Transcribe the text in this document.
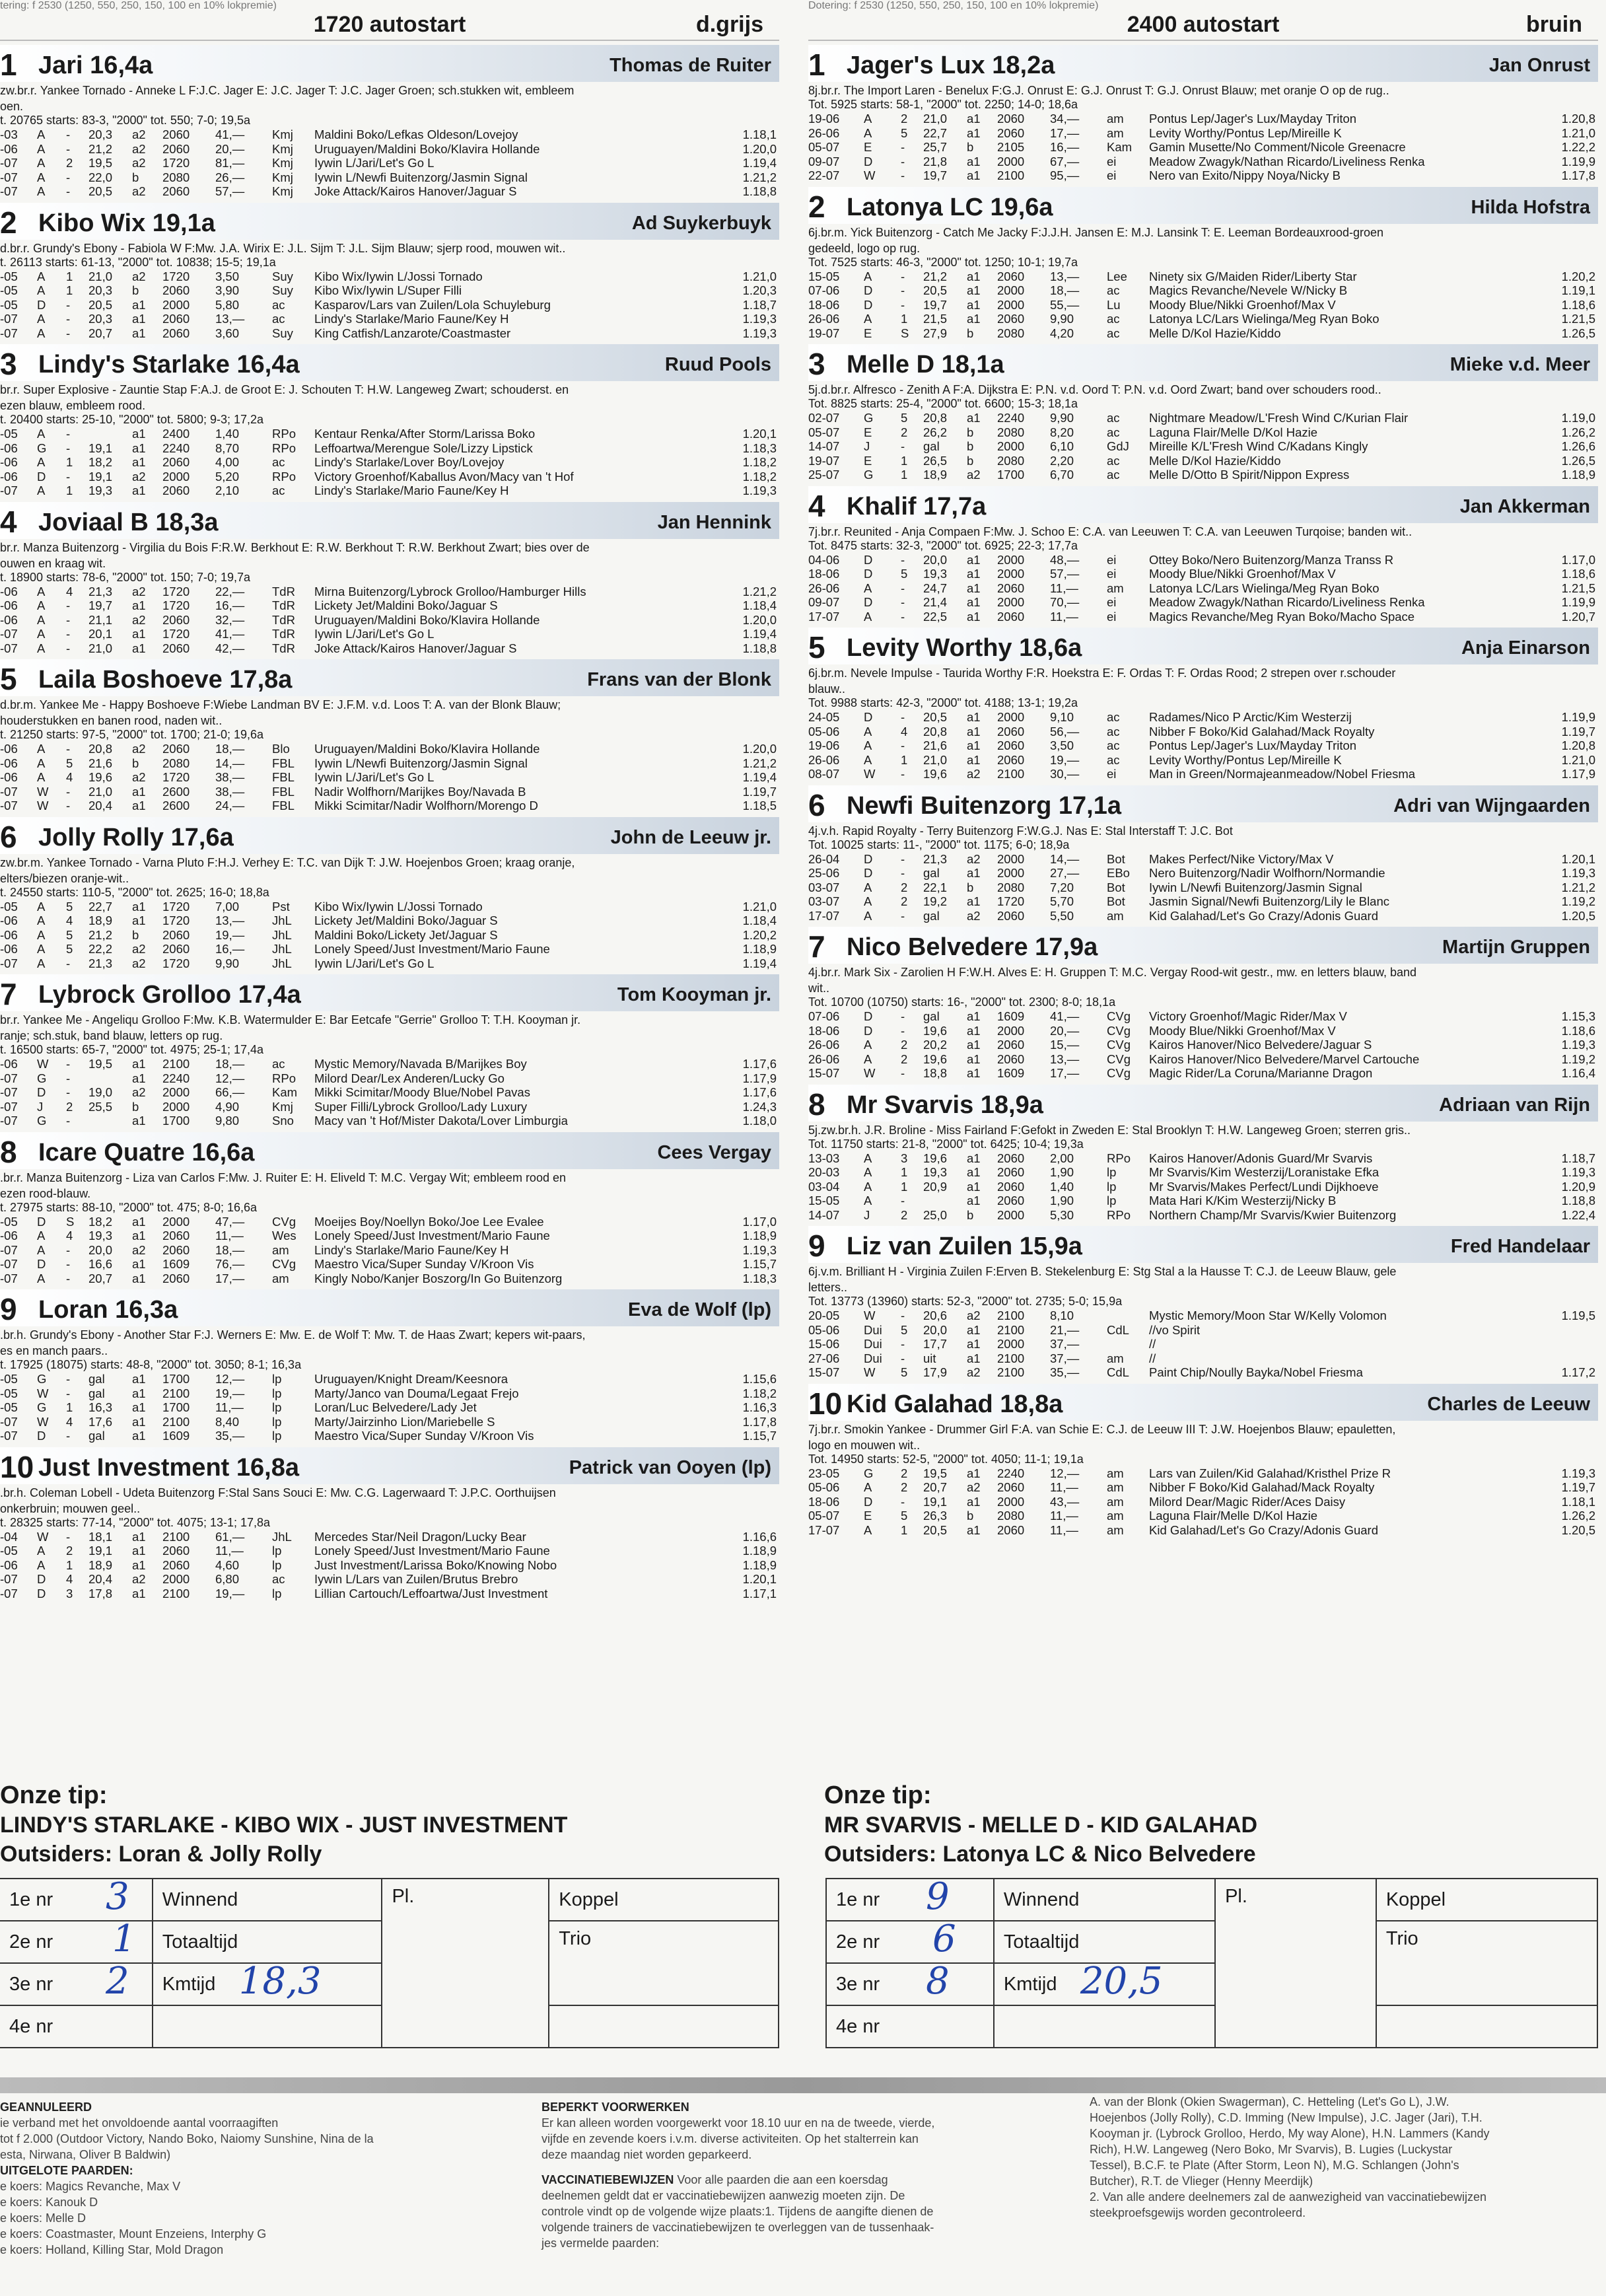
tering: f 2530 (1250, 550, 250, 150, 100 en 10% lokpremie)
1720 autostart	d.grijs
1 Jari 16,4a	Thomas de Ruiter
zw.br.r. Yankee Tornado - Anneke L F:J.C. Jager E: J.C. Jager T: J.C. Jager Groen; sch.stukken wit, embleem
oen.
t. 20765 starts: 83-3, "2000" tot. 550; 7-0; 19,5a
-03	A	-	20,3	a2	2060	41,—	Kmj	Maldini Boko/Lefkas Oldeson/Lovejoy	1.18,1
-06	A	-	21,2	a2	2060	20,—	Kmj	Uruguayen/Maldini Boko/Klavira Hollande	1.20,0
-07	A	2	19,5	a2	1720	81,—	Kmj	Iywin L/Jari/Let's Go L	1.19,4
-07	A	-	22,0	b	2080	26,—	Kmj	Iywin L/Newfi Buitenzorg/Jasmin Signal	1.21,2
-07	A	-	20,5	a2	2060	57,—	Kmj	Joke Attack/Kairos Hanover/Jaguar S	1.18,8
2 Kibo Wix 19,1a	Ad Suykerbuyk
d.br.r. Grundy's Ebony - Fabiola W F:Mw. J.A. Wirix E: J.L. Sijm T: J.L. Sijm Blauw; sjerp rood, mouwen wit..
t. 26113 starts: 61-13, "2000" tot. 10838; 15-5; 19,1a
-05	A	1	21,0	a2	1720	3,50	Suy	Kibo Wix/Iywin L/Jossi Tornado	1.21,0
-05	A	1	20,3	b	2060	3,90	Suy	Kibo Wix/Iywin L/Super Filli	1.20,3
-05	D	-	20,5	a1	2000	5,80	ac	Kasparov/Lars van Zuilen/Lola Schuyleburg	1.18,7
-07	A	-	20,3	a1	2060	13,—	ac	Lindy's Starlake/Mario Faune/Key H	1.19,3
-07	A	-	20,7	a1	2060	3,60	Suy	King Catfish/Lanzarote/Coastmaster	1.19,3
3 Lindy's Starlake 16,4a	Ruud Pools
br.r. Super Explosive - Zauntie Stap F:A.J. de Groot E: J. Schouten T: H.W. Langeweg Zwart; schouderst. en
ezen blauw, embleem rood.
t. 20400 starts: 25-10, "2000" tot. 5800; 9-3; 17,2a
-05	A	-		a1	2400	1,40	RPo	Kentaur Renka/After Storm/Larissa Boko	1.20,1
-06	G	-	19,1	a1	2240	8,70	RPo	Leffoartwa/Merengue Sole/Lizzy Lipstick	1.18,3
-06	A	1	18,2	a1	2060	4,00	ac	Lindy's Starlake/Lover Boy/Lovejoy	1.18,2
-06	D	-	19,1	a2	2000	5,20	RPo	Victory Groenhof/Kaballus Avon/Macy van 't Hof	1.18,2
-07	A	1	19,3	a1	2060	2,10	ac	Lindy's Starlake/Mario Faune/Key H	1.19,3
4 Joviaal B 18,3a	Jan Hennink
br.r. Manza Buitenzorg - Virgilia du Bois F:R.W. Berkhout E: R.W. Berkhout T: R.W. Berkhout Zwart; bies over de
ouwen en kraag wit.
t. 18900 starts: 78-6, "2000" tot. 150; 7-0; 19,7a
-06	A	4	21,3	a2	1720	22,—	TdR	Mirna Buitenzorg/Lybrock Grolloo/Hamburger Hills	1.21,2
-06	A	-	19,7	a1	1720	16,—	TdR	Lickety Jet/Maldini Boko/Jaguar S	1.18,4
-06	A	-	21,1	a2	2060	32,—	TdR	Uruguayen/Maldini Boko/Klavira Hollande	1.20,0
-07	A	-	20,1	a1	1720	41,—	TdR	Iywin L/Jari/Let's Go L	1.19,4
-07	A	-	21,0	a1	2060	42,—	TdR	Joke Attack/Kairos Hanover/Jaguar S	1.18,8
5 Laila Boshoeve 17,8a	Frans van der Blonk
d.br.m. Yankee Me - Happy Boshoeve F:Wiebe Landman BV E: J.F.M. v.d. Loos T: A. van der Blonk Blauw;
houderstukken en banen rood, naden wit..
t. 21250 starts: 97-5, "2000" tot. 1700; 21-0; 19,6a
-06	A	-	20,8	a2	2060	18,—	Blo	Uruguayen/Maldini Boko/Klavira Hollande	1.20,0
-06	A	5	21,6	b	2080	14,—	FBL	Iywin L/Newfi Buitenzorg/Jasmin Signal	1.21,2
-06	A	4	19,6	a2	1720	38,—	FBL	Iywin L/Jari/Let's Go L	1.19,4
-07	W	-	21,0	a1	2600	38,—	FBL	Nadir Wolfhorn/Marijkes Boy/Navada B	1.19,7
-07	W	-	20,4	a1	2600	24,—	FBL	Mikki Scimitar/Nadir Wolfhorn/Morengo D	1.18,5
6 Jolly Rolly 17,6a	John de Leeuw jr.
zw.br.m. Yankee Tornado - Varna Pluto F:H.J. Verhey E: T.C. van Dijk T: J.W. Hoejenbos Groen; kraag oranje,
elters/biezen oranje-wit..
t. 24550 starts: 110-5, "2000" tot. 2625; 16-0; 18,8a
-05	A	5	22,7	a1	1720	7,00	Pst	Kibo Wix/Iywin L/Jossi Tornado	1.21,0
-06	A	4	18,9	a1	1720	13,—	JhL	Lickety Jet/Maldini Boko/Jaguar S	1.18,4
-06	A	5	21,2	b	2060	19,—	JhL	Maldini Boko/Lickety Jet/Jaguar S	1.20,2
-06	A	5	22,2	a2	2060	16,—	JhL	Lonely Speed/Just Investment/Mario Faune	1.18,9
-07	A	-	21,3	a2	1720	9,90	JhL	Iywin L/Jari/Let's Go L	1.19,4
7 Lybrock Grolloo 17,4a	Tom Kooyman jr.
br.r. Yankee Me - Angeliqu Grolloo F:Mw. K.B. Watermulder E: Bar Eetcafe "Gerrie" Grolloo T: T.H. Kooyman jr.
ranje; sch.stuk, band blauw, letters op rug.
t. 16500 starts: 65-7, "2000" tot. 4975; 25-1; 17,4a
-06	W	-	19,5	a1	2100	18,—	ac	Mystic Memory/Navada B/Marijkes Boy	1.17,6
-07	G	-		a1	2240	12,—	RPo	Milord Dear/Lex Anderen/Lucky Go	1.17,9
-07	D	-	19,0	a2	2000	66,—	Kam	Mikki Scimitar/Moody Blue/Nobel Pavas	1.17,6
-07	J	2	25,5	b	2000	4,90	Kmj	Super Filli/Lybrock Grolloo/Lady Luxury	1.24,3
-07	G	-		a1	1700	9,80	Sno	Macy van 't Hof/Mister Dakota/Lover Limburgia	1.18,0
8 Icare Quatre 16,6a	Cees Vergay
.br.r. Manza Buitenzorg - Liza van Carlos F:Mw. J. Ruiter E: H. Eliveld T: M.C. Vergay Wit; embleem rood en
ezen rood-blauw.
t. 27975 starts: 88-10, "2000" tot. 475; 8-0; 16,6a
-05	D	S	18,2	a1	2000	47,—	CVg	Moeijes Boy/Noellyn Boko/Joe Lee Evalee	1.17,0
-06	A	4	19,3	a1	2060	11,—	Wes	Lonely Speed/Just Investment/Mario Faune	1.18,9
-07	A	-	20,0	a2	2060	18,—	am	Lindy's Starlake/Mario Faune/Key H	1.19,3
-07	D	-	16,6	a1	1609	76,—	CVg	Maestro Vica/Super Sunday V/Kroon Vis	1.15,7
-07	A	-	20,7	a1	2060	17,—	am	Kingly Nobo/Kanjer Boszorg/In Go Buitenzorg	1.18,3
9 Loran 16,3a	Eva de Wolf (lp)
.br.h. Grundy's Ebony - Another Star F:J. Werners E: Mw. E. de Wolf T: Mw. T. de Haas Zwart; kepers wit-paars,
es en manch paars..
t. 17925 (18075) starts: 48-8, "2000" tot. 3050; 8-1; 16,3a
-05	G	-	gal	a1	1700	12,—	lp	Uruguayen/Knight Dream/Keesnora	1.15,6
-05	W	-	gal	a1	2100	19,—	lp	Marty/Janco van Douma/Legaat Frejo	1.18,2
-05	G	1	16,3	a1	1700	11,—	lp	Loran/Luc Belvedere/Lady Jet	1.16,3
-07	W	4	17,6	a1	2100	8,40	lp	Marty/Jairzinho Lion/Mariebelle S	1.17,8
-07	D	-	gal	a1	1609	35,—	lp	Maestro Vica/Super Sunday V/Kroon Vis	1.15,7
10 Just Investment 16,8a	Patrick van Ooyen (lp)
.br.h. Coleman Lobell - Udeta Buitenzorg F:Stal Sans Souci E: Mw. C.G. Lagerwaard T: J.P.C. Oorthuijsen
onkerbruin; mouwen geel..
t. 28325 starts: 77-14, "2000" tot. 4075; 13-1; 17,8a
-04	W	-	18,1	a1	2100	61,—	JhL	Mercedes Star/Neil Dragon/Lucky Bear	1.16,6
-05	A	2	19,1	a1	2060	11,—	lp	Lonely Speed/Just Investment/Mario Faune	1.18,9
-06	A	1	18,9	a1	2060	4,60	lp	Just Investment/Larissa Boko/Knowing Nobo	1.18,9
-07	D	4	20,4	a2	2000	6,80	ac	Iywin L/Lars van Zuilen/Brutus Brebro	1.20,1
-07	D	3	17,8	a1	2100	19,—	lp	Lillian Cartouch/Leffoartwa/Just Investment	1.17,1
Dotering: f 2530 (1250, 550, 250, 150, 100 en 10% lokpremie)
2400 autostart	bruin
1 Jager's Lux 18,2a	Jan Onrust
8j.br.r. The Import Laren - Benelux F:G.J. Onrust E: G.J. Onrust T: G.J. Onrust Blauw; met oranje O op de rug..
Tot. 5925 starts: 58-1, "2000" tot. 2250; 14-0; 18,6a
19-06	A	2	21,0	a1	2060	34,—	am	Pontus Lep/Jager's Lux/Mayday Triton	1.20,8
26-06	A	5	22,7	a1	2060	17,—	am	Levity Worthy/Pontus Lep/Mireille K	1.21,0
05-07	E	-	25,7	b	2105	16,—	Kam	Gamin Musette/No Comment/Nicole Greenacre	1.22,2
09-07	D	-	21,8	a1	2000	67,—	ei	Meadow Zwagyk/Nathan Ricardo/Liveliness Renka	1.19,9
22-07	W	-	19,7	a1	2100	95,—	ei	Nero van Exito/Nippy Noya/Nicky B	1.17,8
2 Latonya LC 19,6a	Hilda Hofstra
6j.br.m. Yick Buitenzorg - Catch Me Jacky F:J.J.H. Jansen E: M.J. Lansink T: E. Leeman Bordeauxrood-groen
gedeeld, logo op rug.
Tot. 7525 starts: 46-3, "2000" tot. 1250; 10-1; 19,7a
15-05	A	-	21,2	a1	2060	13,—	Lee	Ninety six G/Maiden Rider/Liberty Star	1.20,2
07-06	D	-	20,5	a1	2000	18,—	ac	Magics Revanche/Nevele W/Nicky B	1.19,1
18-06	D	-	19,7	a1	2000	55,—	Lu	Moody Blue/Nikki Groenhof/Max V	1.18,6
26-06	A	1	21,5	a1	2060	9,90	ac	Latonya LC/Lars Wielinga/Meg Ryan Boko	1.21,5
19-07	E	S	27,9	b	2080	4,20	ac	Melle D/Kol Hazie/Kiddo	1.26,5
3 Melle D 18,1a	Mieke v.d. Meer
5j.d.br.r. Alfresco - Zenith A F:A. Dijkstra E: P.N. v.d. Oord T: P.N. v.d. Oord Zwart; band over schouders rood..
Tot. 8825 starts: 25-4, "2000" tot. 6600; 15-3; 18,1a
02-07	G	5	20,8	a1	2240	9,90	ac	Nightmare Meadow/L'Fresh Wind C/Kurian Flair	1.19,0
05-07	E	2	26,2	b	2080	8,20	ac	Laguna Flair/Melle D/Kol Hazie	1.26,2
14-07	J	-	gal	b	2000	6,10	GdJ	Mireille K/L'Fresh Wind C/Kadans Kingly	1.26,6
19-07	E	1	26,5	b	2080	2,20	ac	Melle D/Kol Hazie/Kiddo	1.26,5
25-07	G	1	18,9	a2	1700	6,70	ac	Melle D/Otto B Spirit/Nippon Express	1.18,9
4 Khalif 17,7a	Jan Akkerman
7j.br.r. Reunited - Anja Compaen F:Mw. J. Schoo E: C.A. van Leeuwen T: C.A. van Leeuwen Turqoise; banden wit..
Tot. 8475 starts: 32-3, "2000" tot. 6925; 22-3; 17,7a
04-06	D	-	20,0	a1	2000	48,—	ei	Ottey Boko/Nero Buitenzorg/Manza Transs R	1.17,0
18-06	D	5	19,3	a1	2000	57,—	ei	Moody Blue/Nikki Groenhof/Max V	1.18,6
26-06	A	-	24,7	a1	2060	11,—	am	Latonya LC/Lars Wielinga/Meg Ryan Boko	1.21,5
09-07	D	-	21,4	a1	2000	70,—	ei	Meadow Zwagyk/Nathan Ricardo/Liveliness Renka	1.19,9
17-07	A	-	22,5	a1	2060	11,—	ei	Magics Revanche/Meg Ryan Boko/Macho Space	1.20,7
5 Levity Worthy 18,6a	Anja Einarson
6j.br.m. Nevele Impulse - Taurida Worthy F:R. Hoekstra E: F. Ordas T: F. Ordas Rood; 2 strepen over r.schouder
blauw..
Tot. 9988 starts: 42-3, "2000" tot. 4188; 13-1; 19,2a
24-05	D	-	20,5	a1	2000	9,10	ac	Radames/Nico P Arctic/Kim Westerzij	1.19,9
05-06	A	4	20,8	a1	2060	56,—	ac	Nibber F Boko/Kid Galahad/Mack Royalty	1.19,7
19-06	A	-	21,6	a1	2060	3,50	ac	Pontus Lep/Jager's Lux/Mayday Triton	1.20,8
26-06	A	1	21,0	a1	2060	19,—	ac	Levity Worthy/Pontus Lep/Mireille K	1.21,0
08-07	W	-	19,6	a2	2100	30,—	ei	Man in Green/Normajeanmeadow/Nobel Friesma	1.17,9
6 Newfi Buitenzorg 17,1a	Adri van Wijngaarden
4j.v.h. Rapid Royalty - Terry Buitenzorg F:W.G.J. Nas E: Stal Interstaff T: J.C. Bot
Tot. 10025 starts: 11-, "2000" tot. 1175; 6-0; 18,9a
26-04	D	-	21,3	a2	2000	14,—	Bot	Makes Perfect/Nike Victory/Max V	1.20,1
25-06	D	-	gal	a1	2000	27,—	EBo	Nero Buitenzorg/Nadir Wolfhorn/Normandie	1.19,3
03-07	A	2	22,1	b	2080	7,20	Bot	Iywin L/Newfi Buitenzorg/Jasmin Signal	1.21,2
03-07	A	2	19,2	a1	1720	5,70	Bot	Jasmin Signal/Newfi Buitenzorg/Lily le Blanc	1.19,2
17-07	A	-	gal	a2	2060	5,50	am	Kid Galahad/Let's Go Crazy/Adonis Guard	1.20,5
7 Nico Belvedere 17,9a	Martijn Gruppen
4j.br.r. Mark Six - Zarolien H F:W.H. Alves E: H. Gruppen T: M.C. Vergay Rood-wit gestr., mw. en letters blauw, band
wit..
Tot. 10700 (10750) starts: 16-, "2000" tot. 2300; 8-0; 18,1a
07-06	D	-	gal	a1	1609	41,—	CVg	Victory Groenhof/Magic Rider/Max V	1.15,3
18-06	D	-	19,6	a1	2000	20,—	CVg	Moody Blue/Nikki Groenhof/Max V	1.18,6
26-06	A	2	20,2	a1	2060	15,—	CVg	Kairos Hanover/Nico Belvedere/Jaguar S	1.19,3
26-06	A	2	19,6	a1	2060	13,—	CVg	Kairos Hanover/Nico Belvedere/Marvel Cartouche	1.19,2
15-07	W	-	18,8	a1	1609	17,—	CVg	Magic Rider/La Coruna/Marianne Dragon	1.16,4
8 Mr Svarvis 18,9a	Adriaan van Rijn
5j.zw.br.h. J.R. Broline - Miss Fairland F:Gefokt in Zweden E: Stal Brooklyn T: H.W. Langeweg Groen; sterren gris..
Tot. 11750 starts: 21-8, "2000" tot. 6425; 10-4; 19,3a
13-03	A	3	19,6	a1	2060	2,00	RPo	Kairos Hanover/Adonis Guard/Mr Svarvis	1.18,7
20-03	A	1	19,3	a1	2060	1,90	lp	Mr Svarvis/Kim Westerzij/Loranistake Efka	1.19,3
03-04	A	1	20,9	a1	2060	1,40	lp	Mr Svarvis/Makes Perfect/Lundi Dijkhoeve	1.20,9
15-05	A	-		a1	2060	1,90	lp	Mata Hari K/Kim Westerzij/Nicky B	1.18,8
14-07	J	2	25,0	b	2000	5,30	RPo	Northern Champ/Mr Svarvis/Kwier Buitenzorg	1.22,4
9 Liz van Zuilen 15,9a	Fred Handelaar
6j.v.m. Brilliant H - Virginia Zuilen F:Erven B. Stekelenburg E: Stg Stal a la Hausse T: C.J. de Leeuw Blauw, gele
letters..
Tot. 13773 (13960) starts: 52-3, "2000" tot. 2735; 5-0; 15,9a
20-05	W	-	20,6	a2	2100	8,10		Mystic Memory/Moon Star W/Kelly Volomon	1.19,5
05-06	Dui	5	20,0	a1	2100	21,—	CdL	//vo Spirit	
15-06	Dui	-	17,7	a1	2000	37,—		//	
27-06	Dui	-	uit	a1	2100	37,—	am	//	
15-07	W	5	17,9	a2	2100	35,—	CdL	Paint Chip/Noully Bayka/Nobel Friesma	1.17,2
10 Kid Galahad 18,8a	Charles de Leeuw
7j.br.r. Smokin Yankee - Drummer Girl F:A. van Schie E: C.J. de Leeuw III T: J.W. Hoejenbos Blauw; epauletten,
logo en mouwen wit..
Tot. 14950 starts: 52-5, "2000" tot. 4050; 11-1; 19,1a
23-05	G	2	19,5	a1	2240	12,—	am	Lars van Zuilen/Kid Galahad/Kristhel Prize R	1.19,3
05-06	A	2	20,7	a2	2060	11,—	am	Nibber F Boko/Kid Galahad/Mack Royalty	1.19,7
18-06	D	-	19,1	a1	2000	43,—	am	Milord Dear/Magic Rider/Aces Daisy	1.18,1
05-07	E	5	26,3	b	2080	11,—	am	Laguna Flair/Melle D/Kol Hazie	1.26,2
17-07	A	1	20,5	a1	2060	11,—	am	Kid Galahad/Let's Go Crazy/Adonis Guard	1.20,5
Onze tip:
LINDY'S STARLAKE - KIBO WIX - JUST INVESTMENT
Outsiders: Loran & Jolly Rolly
1e nr 3	Winnend	Pl.	Koppel
2e nr 1	Totaaltijd		Trio
3e nr 2	Kmtijd 18,3		

4e nr			
Onze tip:
MR SVARVIS - MELLE D - KID GALAHAD
Outsiders: Latonya LC & Nico Belvedere
1e nr 9	Winnend	Pl.	Koppel
2e nr 6	Totaaltijd		Trio
3e nr 8	Kmtijd 20,5		

4e nr			
GEANNULEERD
ie verband met het onvoldoende aantal voorraagiften
tot f 2.000 (Outdoor Victory, Nando Boko, Naiomy Sunshine, Nina de la
esta, Nirwana, Oliver B Baldwin)
UITGELOTE PAARDEN:
e koers: Magics Revanche, Max V
e koers: Kanouk D
e koers: Melle D
e koers: Coastmaster, Mount Enzeiens, Interphy G
e koers: Holland, Killing Star, Mold Dragon
BEPERKT VOORWERKEN
Er kan alleen worden voorgewerkt voor 18.10 uur en na de tweede, vierde,
vijfde en zevende koers i.v.m. diverse activiteiten. Op het stalterrein kan
deze maandag niet worden geparkeerd.
VACCINATIEBEWIJZEN Voor alle paarden die aan een koersdag
deelnemen geldt dat er vaccinatiebewijzen aanwezig moeten zijn. De
controle vindt op de volgende wijze plaats:1. Tijdens de aangifte dienen de
volgende trainers de vaccinatiebewijzen te overleggen van de tussenhaak-
jes vermelde paarden:
A. van der Blonk (Okien Swagerman), C. Hetteling (Let's Go L), J.W.
Hoejenbos (Jolly Rolly), C.D. Imming (New Impulse), J.C. Jager (Jari), T.H.
Kooyman jr. (Lybrock Grolloo, Herdo, My way Alone), H.N. Lammers (Kandy
Rich), H.W. Langeweg (Nero Boko, Mr Svarvis), B. Lugies (Luckystar
Tessel), B.C.F. te Plate (After Storm, Leon N), M.G. Schlangen (John's
Butcher), R.T. de Vlieger (Henny Meerdijk)
2. Van alle andere deelnemers zal de aanwezigheid van vaccinatiebewijzen
steekproefsgewijs worden gecontroleerd.
